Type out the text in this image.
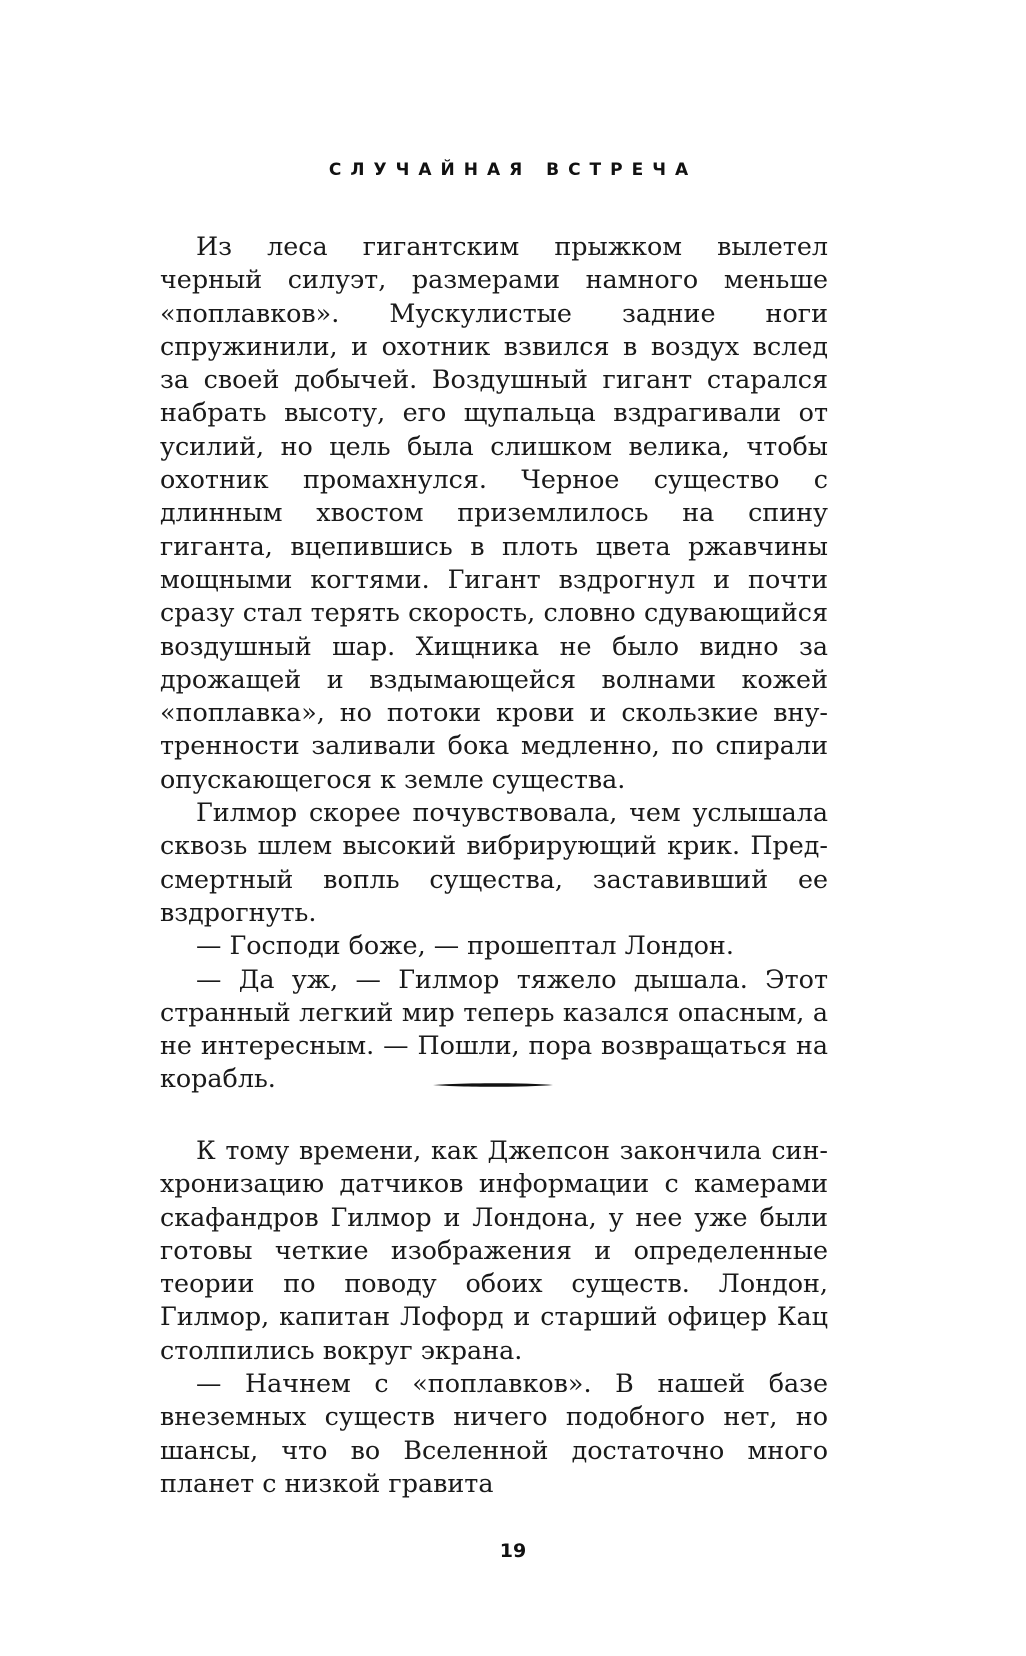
СЛУЧАЙНАЯ ВСТРЕЧА

Из леса гигантским прыжком вылетел черный силуэт, размерами намного меньше «поплавков». Мускулистые задние ноги спружинили, и охотник взвился в воздух вслед за своей добычей. Воздушный гигант старался набрать высоту, его щупальца вздрагивали от усилий, но цель была слишком велика, чтобы охотник промахнулся. Черное существо с длинным хвостом приземлилось на спину гиганта, вцепившись в плоть цвета ржавчины мощными когтями. Гигант вздрогнул и почти сразу стал терять скорость, словно сдувающийся воздушный шар. Хищника не было видно за дрожащей и вздымающейся волнами кожей «поплавка», но потоки крови и скользкие внутренности заливали бока медленно, по спирали опускающегося к земле существа.

Гилмор скорее почувствовала, чем услышала сквозь шлем высокий вибрирующий крик. Предсмертный вопль существа, заставивший ее вздрогнуть.

— Господи боже, — прошептал Лондон.

— Да уж, — Гилмор тяжело дышала. Этот странный легкий мир теперь казался опасным, а не интересным. — Пошли, пора возвращаться на корабль.

К тому времени, как Джепсон закончила синхронизацию датчиков информации с камерами скафандров Гилмор и Лондона, у нее уже были готовы четкие изображения и определенные теории по поводу обоих существ. Лондон, Гилмор, капитан Лофорд и старший офицер Кац столпились вокруг экрана.

— Начнем с «поплавков». В нашей базе внеземных существ ничего подобного нет, но шансы, что во Вселенной достаточно много планет с низкой гравита

19
